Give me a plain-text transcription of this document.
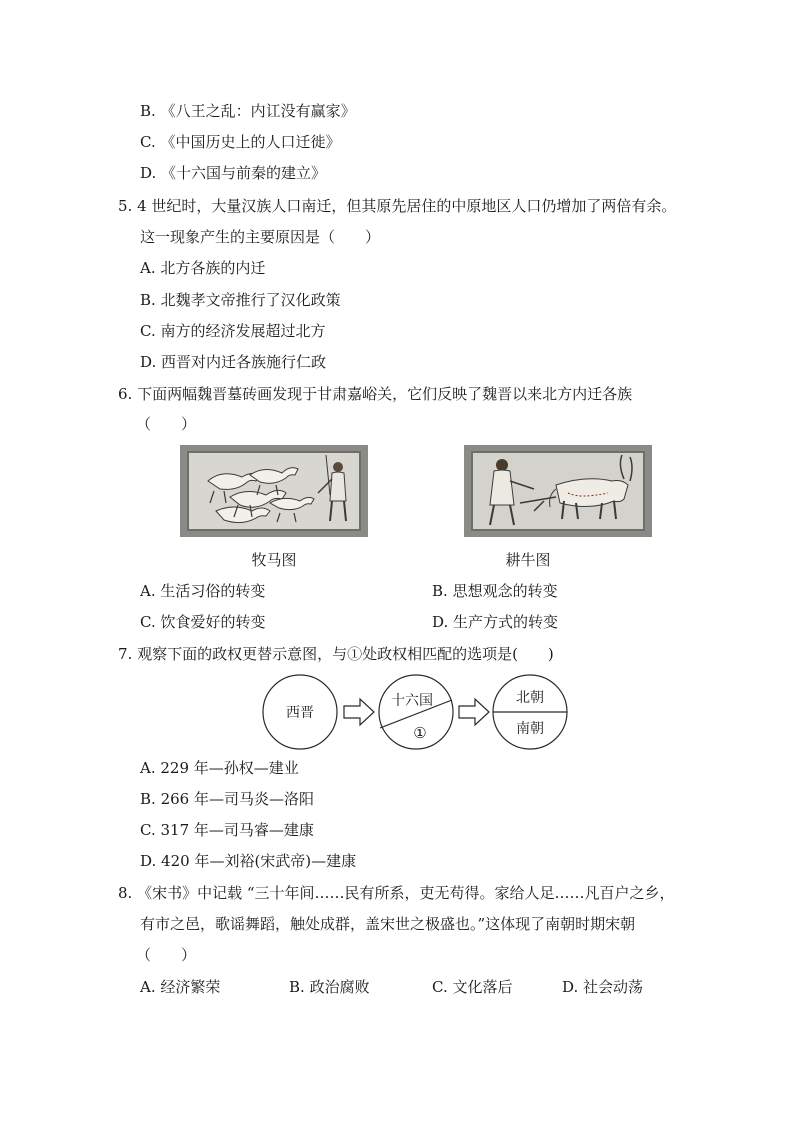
B. 《八王之乱：内讧没有赢家》
C. 《中国历史上的人口迁徙》
D. 《十六国与前秦的建立》
5. 4 世纪时，大量汉族人口南迁，但其原先居住的中原地区人口仍增加了两倍有余。
这一现象产生的主要原因是（　　）
A. 北方各族的内迁
B. 北魏孝文帝推行了汉化政策
C. 南方的经济发展超过北方
D. 西晋对内迁各族施行仁政
6. 下面两幅魏晋墓砖画发现于甘肃嘉峪关，它们反映了魏晋以来北方内迁各族
（　　）
牧马图	耕牛图
A. 生活习俗的转变	B. 思想观念的转变
C. 饮食爱好的转变	D. 生产方式的转变
7. 观察下面的政权更替示意图，与①处政权相匹配的选项是(　　)
西晋
十六国
①
北朝
南朝
A. 229 年—孙权—建业
B. 266 年—司马炎—洛阳
C. 317 年—司马睿—建康
D. 420 年—刘裕(宋武帝)—建康
8. 《宋书》中记载 “三十年间……民有所系，吏无苟得。家给人足……凡百户之乡，
有市之邑，歌谣舞蹈，触处成群，盖宋世之极盛也。”这体现了南朝时期宋朝
（　　）
A. 经济繁荣	B. 政治腐败	C. 文化落后	D. 社会动荡
